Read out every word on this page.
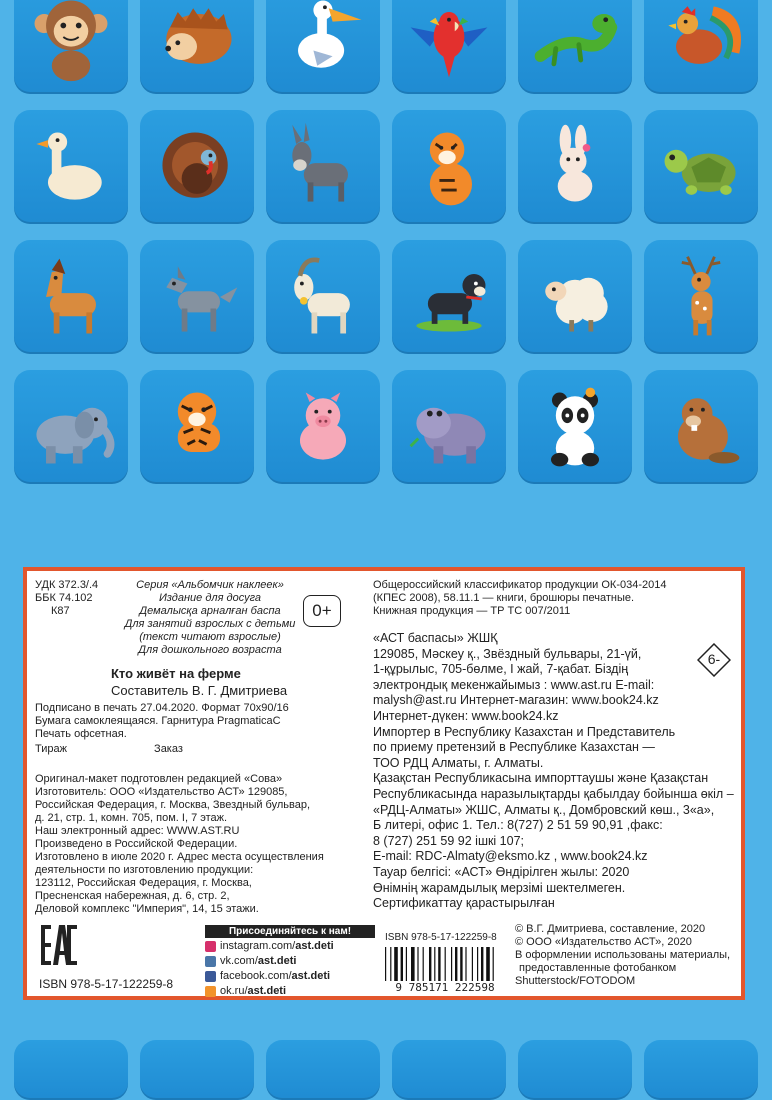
УДК 372.3/.4
ББК 74.102
К87
Серия «Альбомчик наклеек»
Издание для досуга
Демалысқа арналған баспа
Для занятий взрослых с детьми
(текст читают взрослые)
Для дошкольного возраста
0+
Кто живёт на ферме
Составитель В. Г. Дмитриева
Подписано в печать 27.04.2020. Формат 70x90/16
Бумага самоклеящаяся. Гарнитура PragmaticaC
Печать офсетная.
Тираж	Заказ
Оригинал-макет подготовлен редакцией «Сова»
Изготовитель: ООО «Издательство АСТ» 129085,
Российская Федерация, г. Москва, Звездный бульвар,
д. 21, стр. 1, комн. 705, пом. I, 7 этаж.
Наш электронный адрес: WWW.AST.RU
Произведено в Российской Федерации.
Изготовлено в июле 2020 г. Адрес места осуществления
деятельности по изготовлению продукции:
123112, Российская Федерация, г. Москва,
Пресненская набережная, д. 6, стр. 2,
Деловой комплекс "Империя", 14, 15 этажи.
Общероссийский классификатор продукции ОК-034-2014
(КПЕС 2008), 58.11.1 — книги, брошюры печатные.
Книжная продукция — ТР ТС 007/2011
«АСТ баспасы» ЖШҚ
129085, Мәскеу қ., Звёздный бульвары, 21-үй,
1-құрылыс, 705-бөлме, I жай, 7-қабат. Біздің
электрондық мекенжайымыз : www.ast.ru E-mail:
malysh@ast.ru Интернет-магазин: www.book24.kz
Интернет-дүкен: www.book24.kz
Импортер в Республику Казахстан и Представитель
по приему претензий в Республике Казахстан —
ТОО РДЦ Алматы, г. Алматы.
Қазақстан Республикасына импорттаушы және Қазақстан
Республикасында наразылықтарды қабылдау бойынша өкіл –
«РДЦ-Алматы» ЖШС, Алматы қ., Домбровский көш., 3«а»,
Б литері, офис 1. Тел.: 8(727) 2 51 59 90,91 ,факс:
8 (727) 251 59 92 ішкі 107;
E-mail: RDC-Almaty@eksmo.kz , www.book24.kz
Тауар белгісі: «АСТ» Өндірілген жылы: 2020
Өнімнің жарамдылық мерзімі шектелмеген.
Сертификаттау қарастырылған
6-
ISBN 978-5-17-122259-8
Присоединяйтесь к нам!
instagram.com/ ast.deti
vk.com/ ast.deti
facebook.com/ ast.deti
ok.ru/ ast.deti
ISBN 978-5-17-122259-8
9 785171 222598
© В.Г. Дмитриева, составление, 2020
© ООО «Издательство АСТ», 2020
В оформлении использованы материалы,
предоставленные фотобанком
Shutterstock/FOTODOM
